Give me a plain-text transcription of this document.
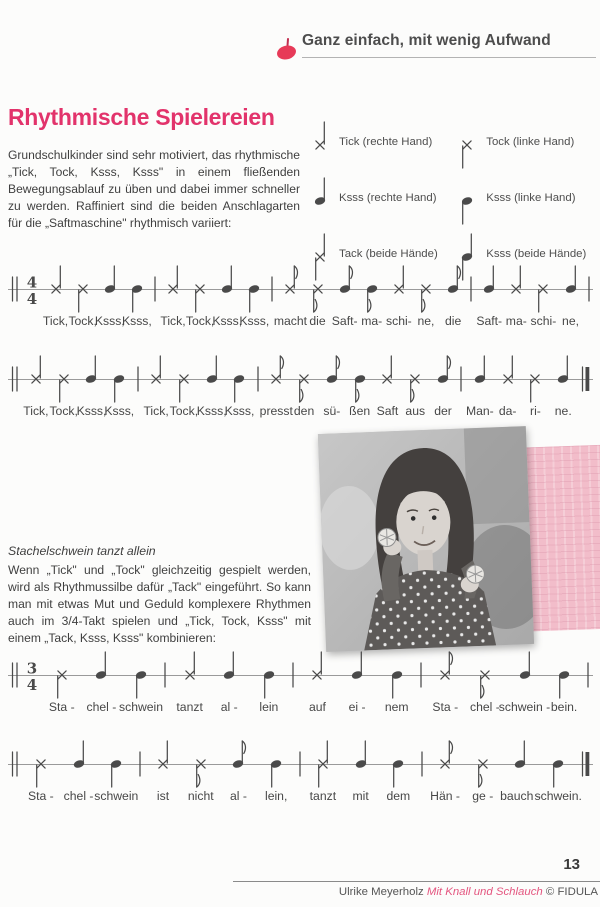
Ganz einfach, mit wenig Aufwand
Rhythmische Spielereien

Grundschulkinder sind sehr motiviert, das rhythmische „Tick, Tock, Ksss, Ksss" in einem fließenden Bewegungsablauf zu üben und dabei immer schneller zu werden. Raffiniert sind die beiden Anschlagarten für die „Saftmaschine" rhythmisch variiert:

Tick (rechte Hand)	Tock (linke Hand)
Ksss (rechte Hand)	Ksss (linke Hand)
Tack (beide Hände)	Ksss (beide Hände)
4
4
Tick, Tock,
Ksss,
Ksss, Tick, Tock,
Ksss,
Ksss, macht die Saft- ma- schi- ne, die Saft- ma- schi- ne,
Tick, Tock,
Ksss,
Ksss, Tick, Tock,
Ksss,
Ksss, presst den sü- ßen Saft aus der Man- da- ri- ne.
Stachelschwein tanzt allein

Wenn „Tick" und „Tock" gleichzeitig gespielt werden, wird als Rhythmussilbe dafür „Tack" eingeführt. So kann man mit etwas Mut und Geduld komplexere Rhythmen auch im 3/4-Takt spielen und „Tick, Tock, Ksss" mit einem „Tack, Ksss, Ksss" kombinieren:

3
4
Sta - chel - schwein tanzt al - lein	auf ei - nem Sta - chel -
schwein - bein.
Sta - chel - schwein ist nicht al - lein, tanzt mit dem Hän - ge - bauch -
schwein.
13
Ulrike Meyerholz Mit Knall und Schlauch © FIDULA
